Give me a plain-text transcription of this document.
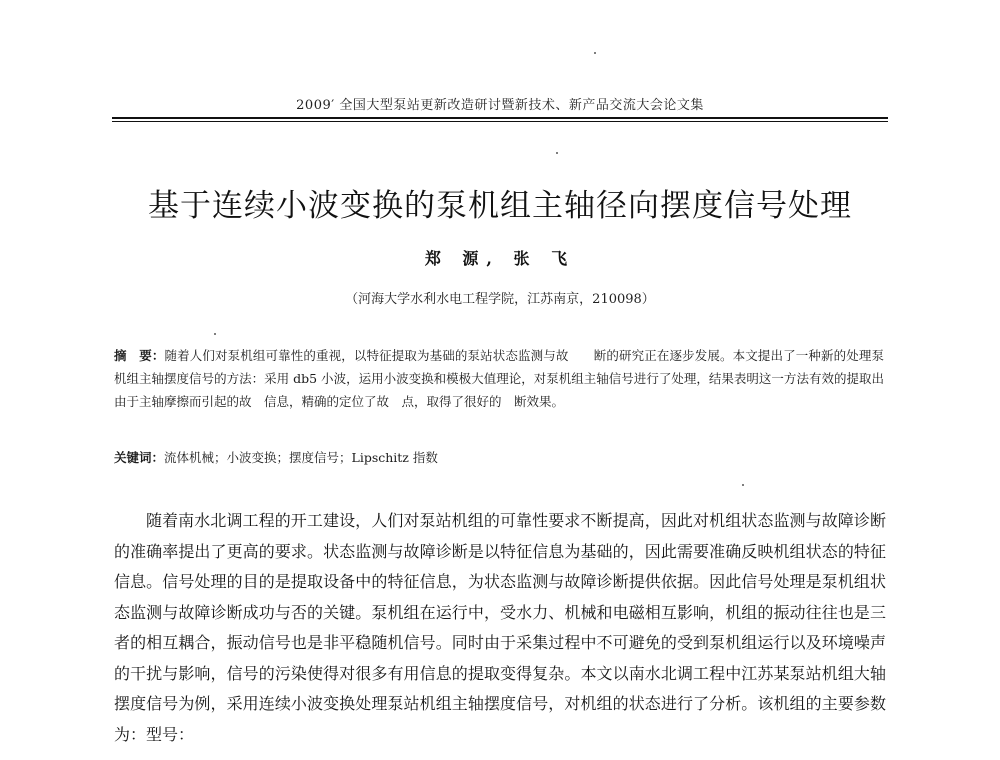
2009′ 全国大型泵站更新改造研讨暨新技术、新产品交流大会论文集
基于连续小波变换的泵机组主轴径向摆度信号处理
郑 源, 张 飞
（河海大学水利水电工程学院，江苏南京，210098）
摘　要：随着人们对泵机组可靠性的重视，以特征提取为基础的泵站状态监测与故　　断的研究正在逐步发展。本文提出了一种新的处理泵机组主轴摆度信号的方法：采用 db5 小波，运用小波变换和模极大值理论，对泵机组主轴信号进行了处理，结果表明这一方法有效的提取出由于主轴摩擦而引起的故　信息，精确的定位了故　点，取得了很好的　断效果。
关键词：流体机械；小波变换；摆度信号；Lipschitz 指数
随着南水北调工程的开工建设，人们对泵站机组的可靠性要求不断提高，因此对机组状态监测与故障诊断的准确率提出了更高的要求。状态监测与故障诊断是以特征信息为基础的，因此需要准确反映机组状态的特征信息。信号处理的目的是提取设备中的特征信息，为状态监测与故障诊断提供依据。因此信号处理是泵机组状态监测与故障诊断成功与否的关键。泵机组在运行中，受水力、机械和电磁相互影响，机组的振动往往也是三者的相互耦合，振动信号也是非平稳随机信号。同时由于采集过程中不可避免的受到泵机组运行以及环境噪声的干扰与影响，信号的污染使得对很多有用信息的提取变得复杂。本文以南水北调工程中江苏某泵站机组大轴摆度信号为例，采用连续小波变换处理泵站机组主轴摆度信号，对机组的状态进行了分析。该机组的主要参数为：型号：
